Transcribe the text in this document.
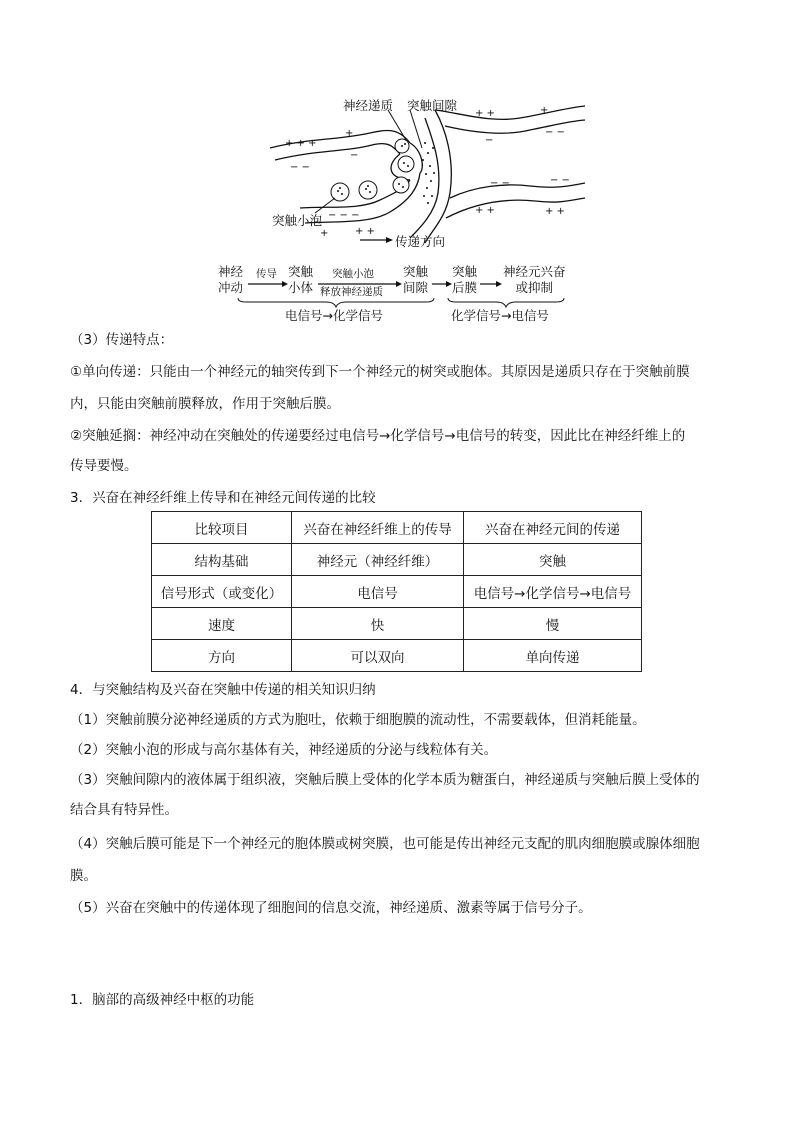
+ + +
+
− −
−
− − −
+	+ +
+ +	+
−
− −
− −	− −
+ +	+ +
神经递质 突触间隙
突触小泡
传递方向
神经
冲动
传导 突触
小体
突触小泡
释放神经递质
突触
间隙
突触
后膜
神经元兴奋
或抑制
电信号→化学信号	化学信号→电信号
（3）传递特点：
①单向传递：只能由一个神经元的轴突传到下一个神经元的树突或胞体。其原因是递质只存在于突触前膜
内，只能由突触前膜释放，作用于突触后膜。
②突触延搁：神经冲动在突触处的传递要经过电信号→化学信号→电信号的转变，因此比在神经纤维上的
传导要慢。
3．兴奋在神经纤维上传导和在神经元间传递的比较
比较项目	兴奋在神经纤维上的传导	兴奋在神经元间的传递
结构基础	神经元（神经纤维）	突触
信号形式（或变化）	电信号	电信号→化学信号→电信号
速度	快	慢
方向	可以双向	单向传递
4．与突触结构及兴奋在突触中传递的相关知识归纳
（1）突触前膜分泌神经递质的方式为胞吐，依赖于细胞膜的流动性，不需要载体，但消耗能量。
（2）突触小泡的形成与高尔基体有关，神经递质的分泌与线粒体有关。
（3）突触间隙内的液体属于组织液，突触后膜上受体的化学本质为糖蛋白，神经递质与突触后膜上受体的
结合具有特异性。
（4）突触后膜可能是下一个神经元的胞体膜或树突膜，也可能是传出神经元支配的肌肉细胞膜或腺体细胞
膜。
（5）兴奋在突触中的传递体现了细胞间的信息交流，神经递质、激素等属于信号分子。
1．脑部的高级神经中枢的功能
